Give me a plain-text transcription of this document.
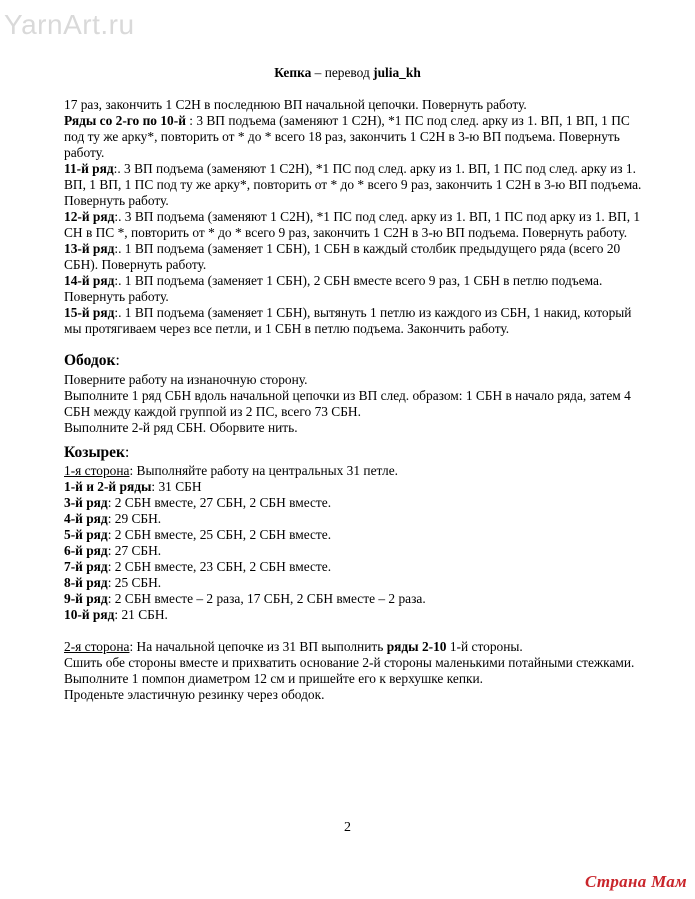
YarnArt.ru
Кепка – перевод julia_kh

17 раз, закончить 1 С2Н в последнюю ВП начальной цепочки. Повернуть работу.

Ряды со 2-го по 10-й : 3 ВП подъема (заменяют 1 С2Н), *1 ПС под след. арку из 1. ВП, 1 ВП, 1 ПС под ту же арку*, повторить от * до * всего 18 раз, закончить 1 С2Н в 3-ю ВП подъема. Повернуть работу.

11-й ряд:. 3 ВП подъема (заменяют 1 С2Н), *1 ПС под след. арку из 1. ВП, 1 ПС под след. арку из 1. ВП, 1 ВП, 1 ПС под ту же арку*, повторить от * до * всего 9 раз, закончить 1 С2Н в 3-ю ВП подъема. Повернуть работу.

12-й ряд:. 3 ВП подъема (заменяют 1 С2Н), *1 ПС под след. арку из 1. ВП, 1 ПС под арку из 1. ВП, 1 СН в ПС *, повторить от * до * всего 9 раз, закончить 1 С2Н в 3-ю ВП подъема. Повернуть работу.

13-й ряд:. 1 ВП подъема (заменяет 1 СБН), 1 СБН в каждый столбик предыдущего ряда (всего 20 СБН). Повернуть работу.

14-й ряд:. 1 ВП подъема (заменяет 1 СБН), 2 СБН вместе всего 9 раз, 1 СБН в петлю подъема. Повернуть работу.

15-й ряд:. 1 ВП подъема (заменяет 1 СБН), вытянуть 1 петлю из каждого из СБН, 1 накид, который мы протягиваем через все петли, и 1 СБН в петлю подъема. Закончить работу.

Ободок:

Поверните работу на изнаночную сторону.

Выполните 1 ряд СБН вдоль начальной цепочки из ВП след. образом: 1 СБН в начало ряда, затем 4 СБН между каждой группой из 2 ПС, всего 73 СБН.

Выполните 2-й ряд СБН. Оборвите нить.

Козырек:

1-я сторона: Выполняйте работу на центральных 31 петле.

1-й и 2-й ряды: 31 СБН

3-й ряд: 2 СБН вместе, 27 СБН, 2 СБН вместе.

4-й ряд: 29 СБН.

5-й ряд: 2 СБН вместе, 25 СБН, 2 СБН вместе.

6-й ряд: 27 СБН.

7-й ряд: 2 СБН вместе, 23 СБН, 2 СБН вместе.

8-й ряд: 25 СБН.

9-й ряд: 2 СБН вместе – 2 раза, 17 СБН, 2 СБН вместе – 2 раза.

10-й ряд: 21 СБН.

2-я сторона: На начальной цепочке из 31 ВП выполнить ряды 2-10 1-й стороны.

Сшить обе стороны вместе и прихватить основание 2-й стороны маленькими потайными стежками.

Выполните 1 помпон диаметром 12 см и пришейте его к верхушке кепки.

Проденьте эластичную резинку через ободок.

2
Страна Мам
